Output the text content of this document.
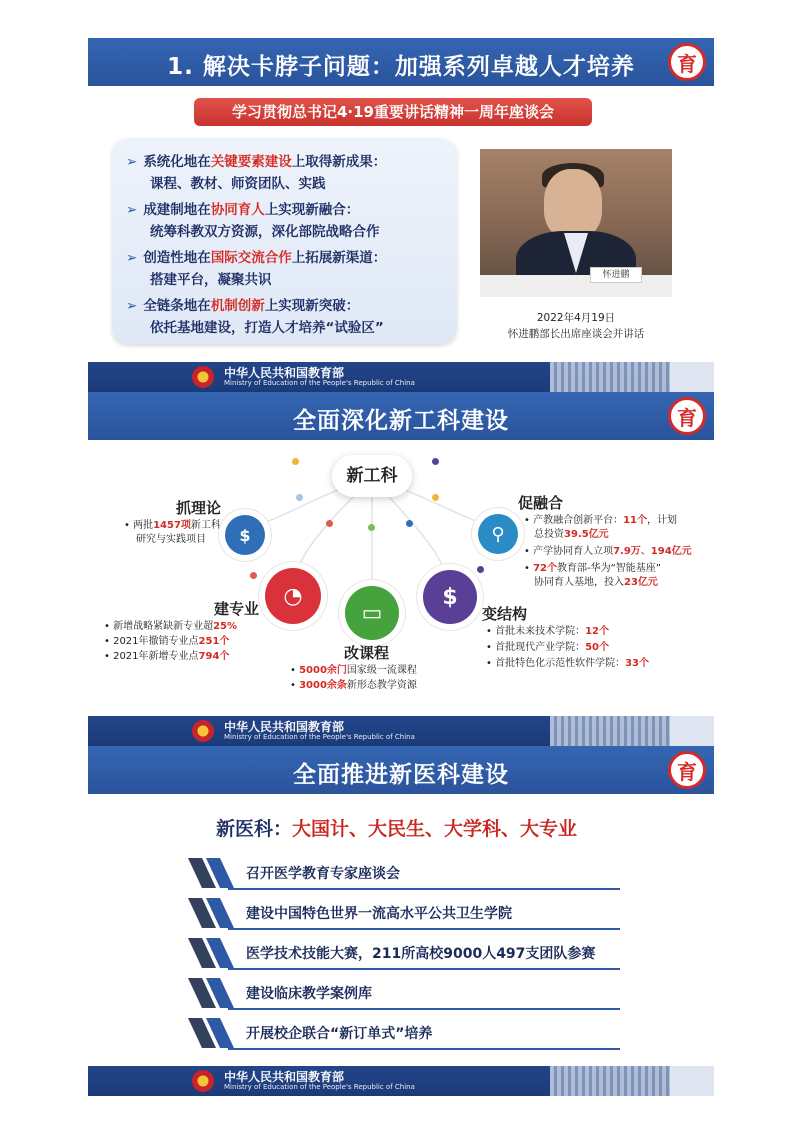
1. 解决卡脖子问题：加强系列卓越人才培养	育
学习贯彻总书记4·19重要讲话精神一周年座谈会
➢ 系统化地在关键要素建设上取得新成果：
课程、教材、师资团队、实践
➢ 成建制地在协同育人上实现新融合：
统筹科教双方资源，深化部院战略合作
➢ 创造性地在国际交流合作上拓展新渠道：
搭建平台，凝聚共识
➢ 全链条地在机制创新上实现新突破：
依托基地建设，打造人才培养“试验区”
怀进鹏
2022年4月19日
怀进鹏部长出席座谈会并讲话
中华人民共和国教育部
Ministry of Education of the People's Republic of China
全面深化新工科建设	育
新工科
抓理论
• 两批1457项新工科
研究与实践项目	$	⚲
促融合
• 产教融合创新平台：11个，计划
总投资39.5亿元
• 产学协同育人立项7.9万、194亿元
• 72个教育部-华为“智能基座”
协同育人基地，投入23亿元
◔
建专业
• 新增战略紧缺新专业超25%
• 2021年撤销专业点251个
• 2021年新增专业点794个
▭
改课程
• 5000余门国家级一流课程
• 3000余条新形态教学资源
$
变结构
• 首批未来技术学院：12个
• 首批现代产业学院：50个
• 首批特色化示范性软件学院：33个
中华人民共和国教育部
Ministry of Education of the People's Republic of China
全面推进新医科建设	育
新医科：大国计、大民生、大学科、大专业
召开医学教育专家座谈会
建设中国特色世界一流高水平公共卫生学院
医学技术技能大赛，211所高校9000人497支团队参赛
建设临床教学案例库
开展校企联合“新订单式”培养
中华人民共和国教育部
Ministry of Education of the People's Republic of China
